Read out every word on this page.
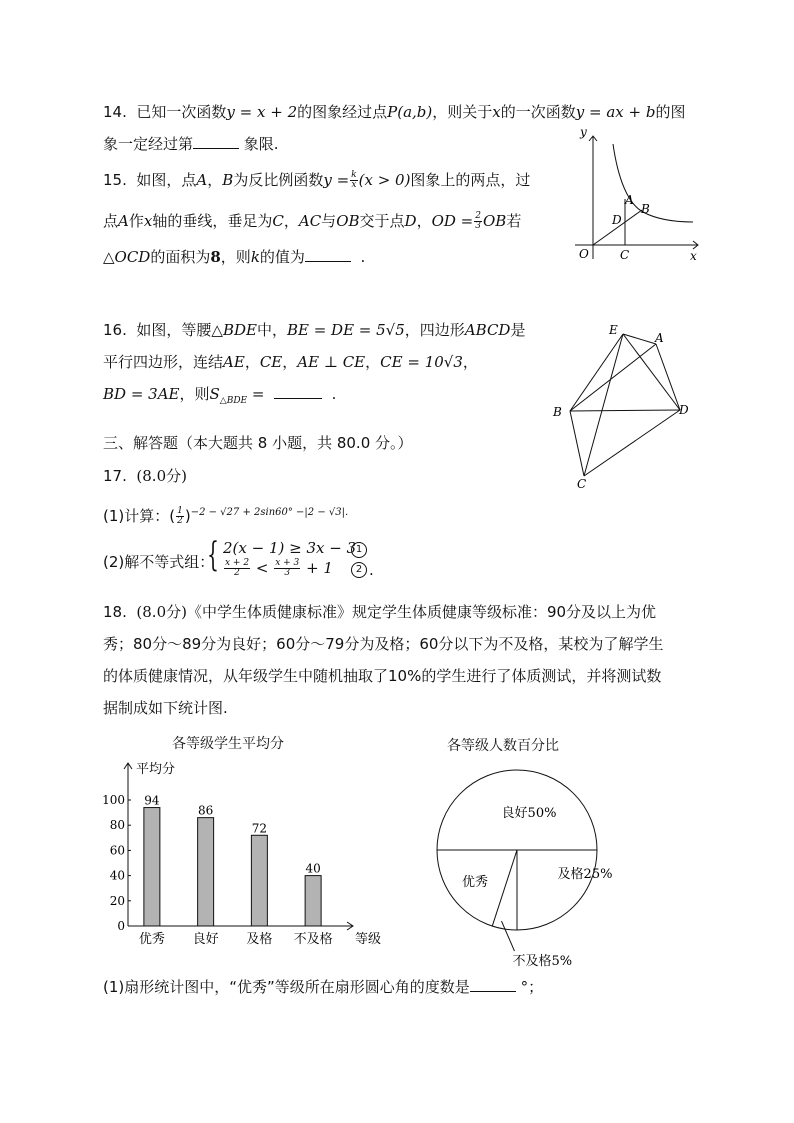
14. 已知一次函数y = x + 2的图象经过点P(a,b)，则关于x的一次函数y = ax + b的图
象一定经过第	象限.
15. 如图，点A，B为反比例函数$y = \frac{k}{x} (x > 0)$图象上的两点，过
点A作x轴的垂线，垂足为C，AC与OB交于点D，OD = $\frac{2}{3}$ OB若
△OCD的面积为8，则k的值为	.
y
x
O	C
D
A
B
16. 如图，等腰△BDE中，BE = DE = 5√5，四边形ABCD是
平行四边形，连结AE，CE，AE ⊥ CE，CE = 10√3，
BD = 3AE，则$S_{\triangle BDE}$ =	.
E
A
B	D
C
三、解答题（本大题共 8 小题，共 80.0 分。）
17. (8.0分)
(1)计算：( $\frac{1}{2} )^{-2 - √27 + 2sin60^\circ -|2 - √3|.}$
(2)解不等式组：
{ 2(x − 1) ≥ 3x − 3
$\frac{x + 2}{2} < \frac{x + 3}{3} + 1$
1
2 .
18. (8.0分)《中学生体质健康标准》规定学生体质健康等级标准：90分及以上为优
秀；80分～89分为良好；60分～79分为及格；60分以下为不及格，某校为了解学生
的体质健康情况，从年级学生中随机抽取了10%的学生进行了体质测试，并将测试数
据制成如下统计图.
各等级学生平均分
平均分
等级
0
20
40
60
80
100 94
优秀
86
良好
72
及格
40
不及格
各等级人数百分比
良好50%
及格25%
优秀
不及格5%
(1)扇形统计图中，“优秀”等级所在扇形圆心角的度数是	°；
